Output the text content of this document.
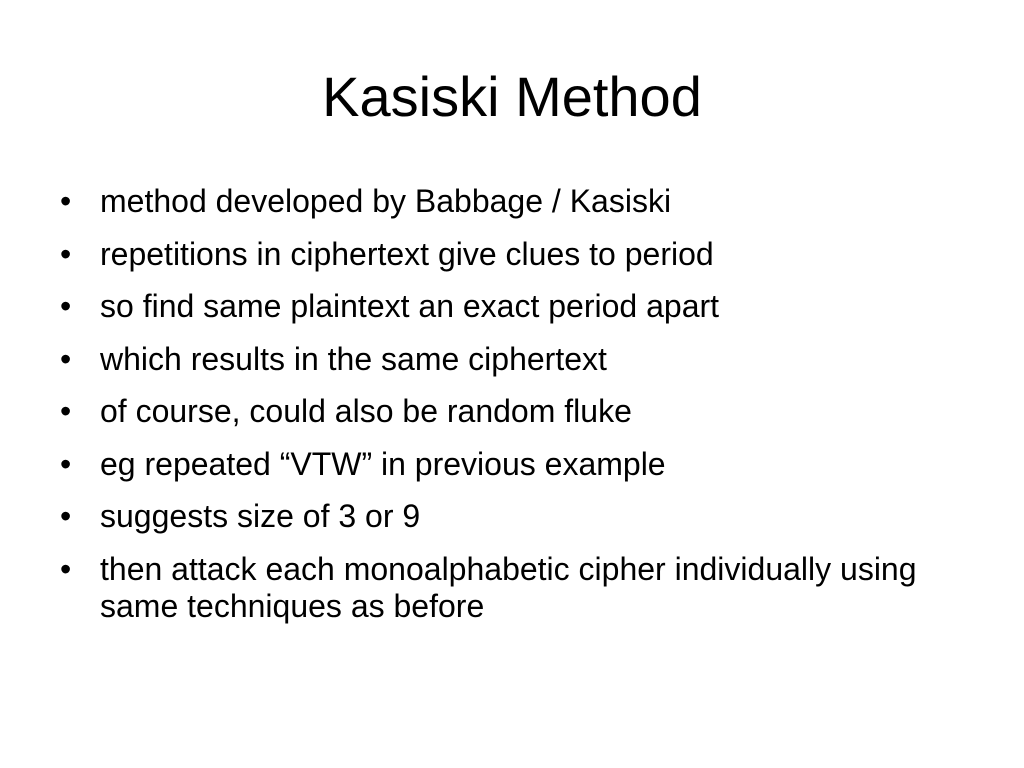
Kasiski Method
• method developed by Babbage / Kasiski
• repetitions in ciphertext give clues to period
• so find same plaintext an exact period apart
• which results in the same ciphertext
• of course, could also be random fluke
• eg repeated “VTW” in previous example
• suggests size of 3 or 9
• then attack each monoalphabetic cipher individually using same techniques as before
